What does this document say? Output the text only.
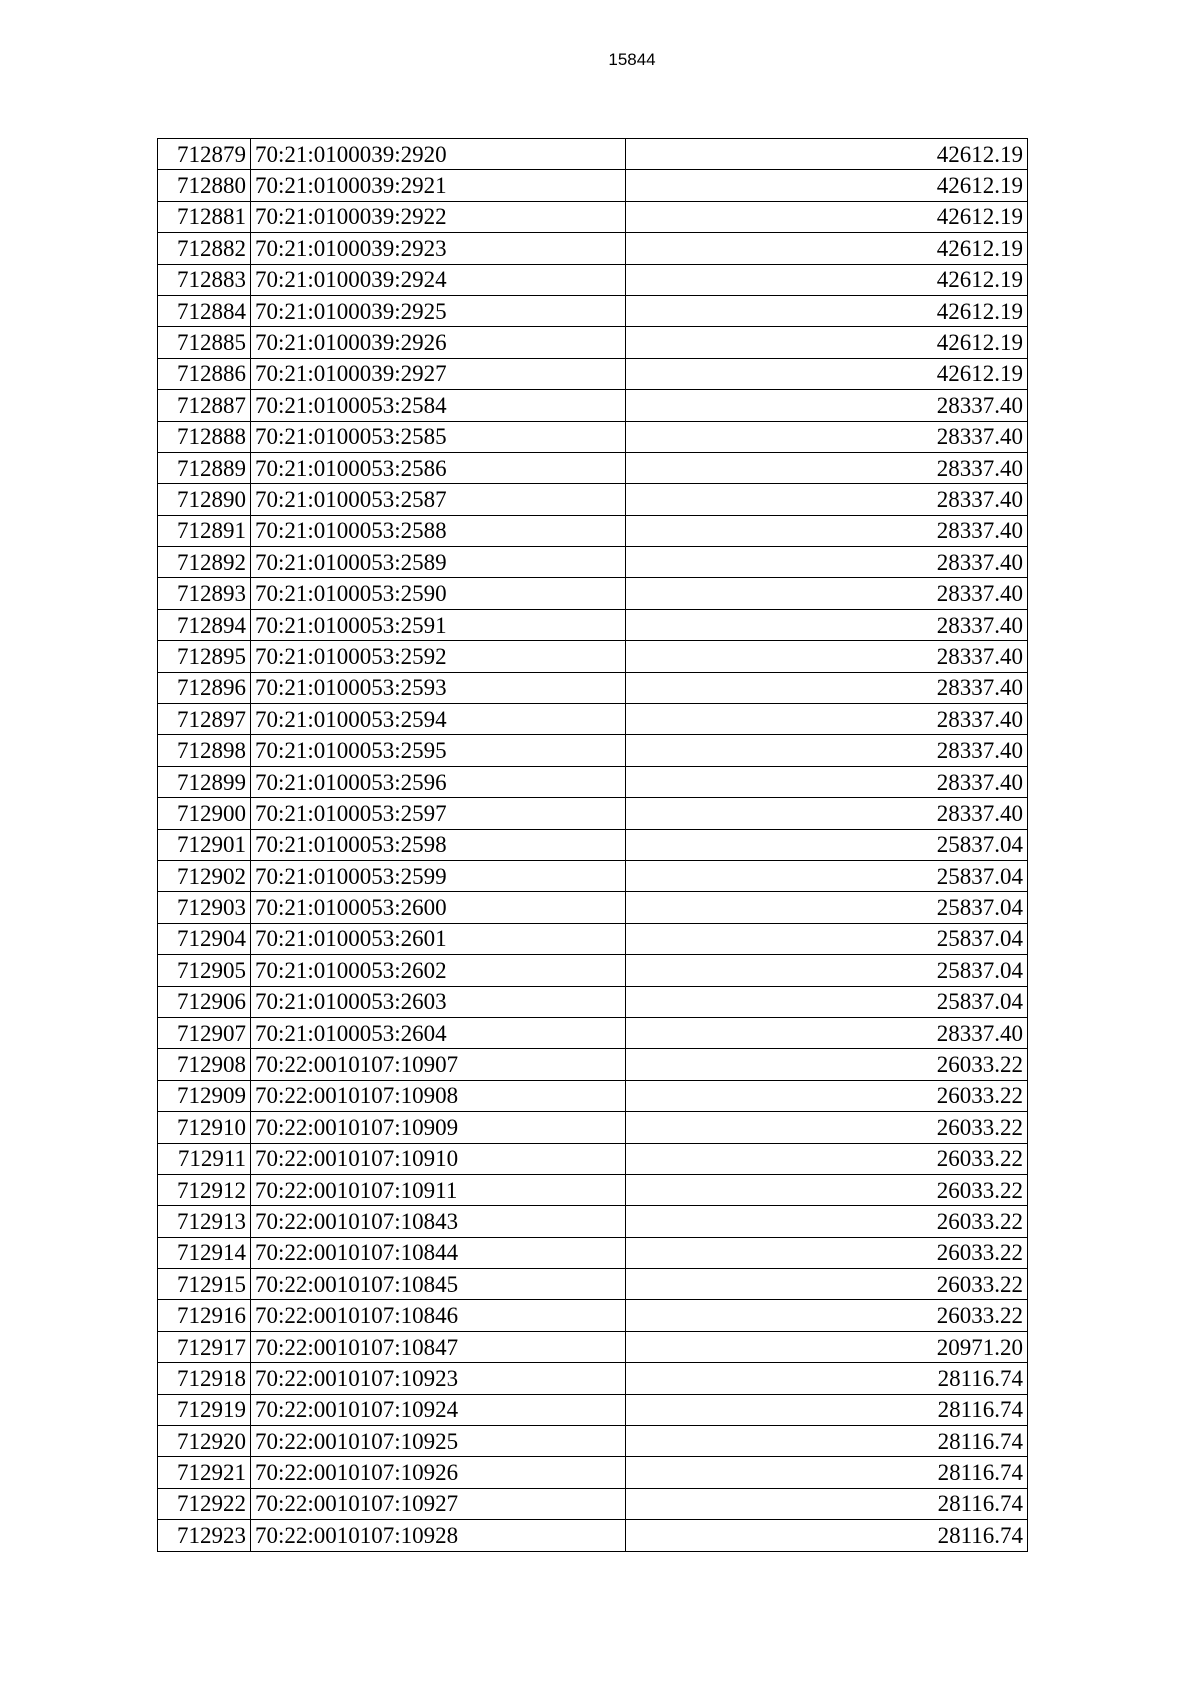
15844
712879	70:21:0100039:2920	42612.19
712880	70:21:0100039:2921	42612.19
712881	70:21:0100039:2922	42612.19
712882	70:21:0100039:2923	42612.19
712883	70:21:0100039:2924	42612.19
712884	70:21:0100039:2925	42612.19
712885	70:21:0100039:2926	42612.19
712886	70:21:0100039:2927	42612.19
712887	70:21:0100053:2584	28337.40
712888	70:21:0100053:2585	28337.40
712889	70:21:0100053:2586	28337.40
712890	70:21:0100053:2587	28337.40
712891	70:21:0100053:2588	28337.40
712892	70:21:0100053:2589	28337.40
712893	70:21:0100053:2590	28337.40
712894	70:21:0100053:2591	28337.40
712895	70:21:0100053:2592	28337.40
712896	70:21:0100053:2593	28337.40
712897	70:21:0100053:2594	28337.40
712898	70:21:0100053:2595	28337.40
712899	70:21:0100053:2596	28337.40
712900	70:21:0100053:2597	28337.40
712901	70:21:0100053:2598	25837.04
712902	70:21:0100053:2599	25837.04
712903	70:21:0100053:2600	25837.04
712904	70:21:0100053:2601	25837.04
712905	70:21:0100053:2602	25837.04
712906	70:21:0100053:2603	25837.04
712907	70:21:0100053:2604	28337.40
712908	70:22:0010107:10907	26033.22
712909	70:22:0010107:10908	26033.22
712910	70:22:0010107:10909	26033.22
712911	70:22:0010107:10910	26033.22
712912	70:22:0010107:10911	26033.22
712913	70:22:0010107:10843	26033.22
712914	70:22:0010107:10844	26033.22
712915	70:22:0010107:10845	26033.22
712916	70:22:0010107:10846	26033.22
712917	70:22:0010107:10847	20971.20
712918	70:22:0010107:10923	28116.74
712919	70:22:0010107:10924	28116.74
712920	70:22:0010107:10925	28116.74
712921	70:22:0010107:10926	28116.74
712922	70:22:0010107:10927	28116.74
712923	70:22:0010107:10928	28116.74
